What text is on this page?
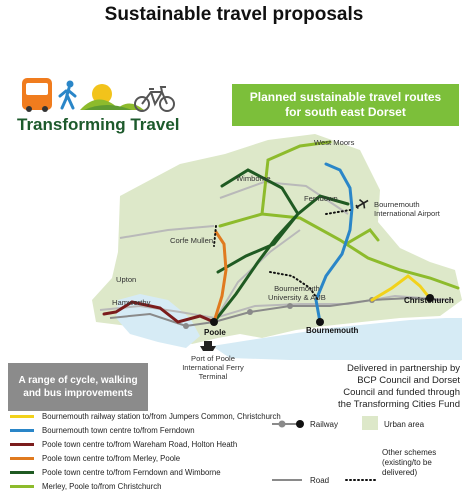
Sustainable travel proposals
Transforming Travel
Planned sustainable travel routes
for south east Dorset
West Moors
Wimborne
Ferndown
Bournemouth
International Airport
Corfe Mullen
Upton
Hamworthy
Poole
Bournemouth
University & AUB
Bournemouth
Christchurch
Port of Poole
International Ferry
Terminal
A range of cycle, walking
and bus improvements
Delivered in partnership by
BCP Council and Dorset
Council and funded through
the Transforming Cities Fund
Bournemouth railway station to/from Jumpers Common, Christchurch
Bournemouth town centre to/from Ferndown
Poole town centre to/from Wareham Road, Holton Heath
Poole town centre to/from Merley, Poole
Poole town centre to/from Ferndown and Wimborne
Merley, Poole to/from Christchurch
Railway	Urban area
Road
Other schemes
(existing/to be
delivered)
